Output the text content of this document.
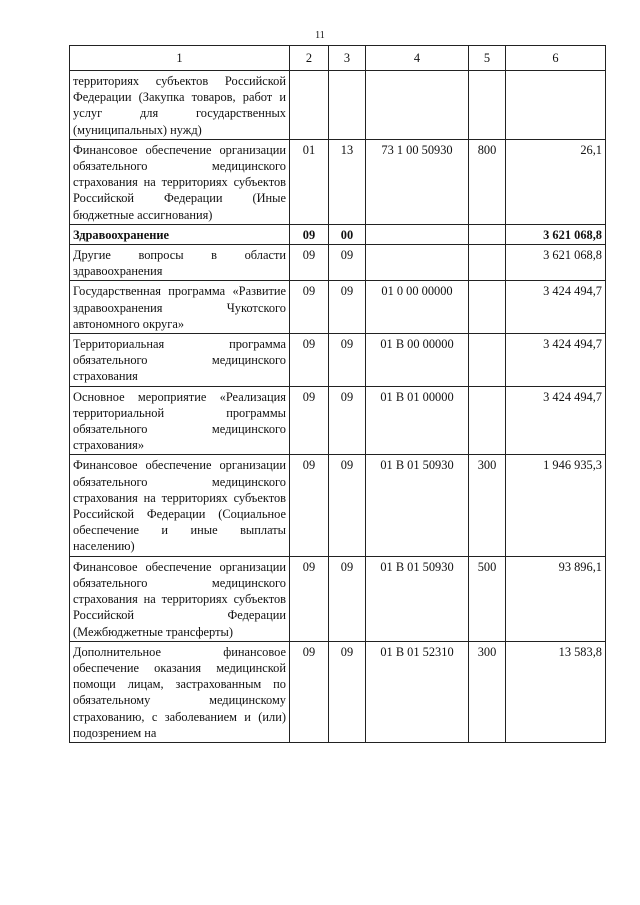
11
1	2	3	4	5	6
территориях субъектов Российской Федерации (Закупка товаров, работ и услуг для государственных (муниципальных) нужд)					
Финансовое обеспечение организации обязательного медицинского страхования на территориях субъектов Российской Федерации (Иные бюджетные ассигнования)	01	13	73 1 00 50930	800	26,1
Здравоохранение	09	00			3 621 068,8
Другие вопросы в области здравоохранения	09	09			3 621 068,8
Государственная программа «Развитие здравоохранения Чукотского автономного округа»	09	09	01 0 00 00000		3 424 494,7
Территориальная программа обязательного медицинского страхования	09	09	01 В 00 00000		3 424 494,7
Основное мероприятие «Реализация территориальной программы обязательного медицинского страхования»	09	09	01 В 01 00000		3 424 494,7
Финансовое обеспечение организации обязательного медицинского страхования на территориях субъектов Российской Федерации (Социальное обеспечение и иные выплаты населению)	09	09	01 В 01 50930	300	1 946 935,3
Финансовое обеспечение организации обязательного медицинского страхования на территориях субъектов Российской Федерации (Межбюджетные трансферты)	09	09	01 В 01 50930	500	93 896,1
Дополнительное финансовое обеспечение оказания медицинской помощи лицам, застрахованным по обязательному медицинскому страхованию, с заболеванием и (или) подозрением на	09	09	01 В 01 52310	300	13 583,8
